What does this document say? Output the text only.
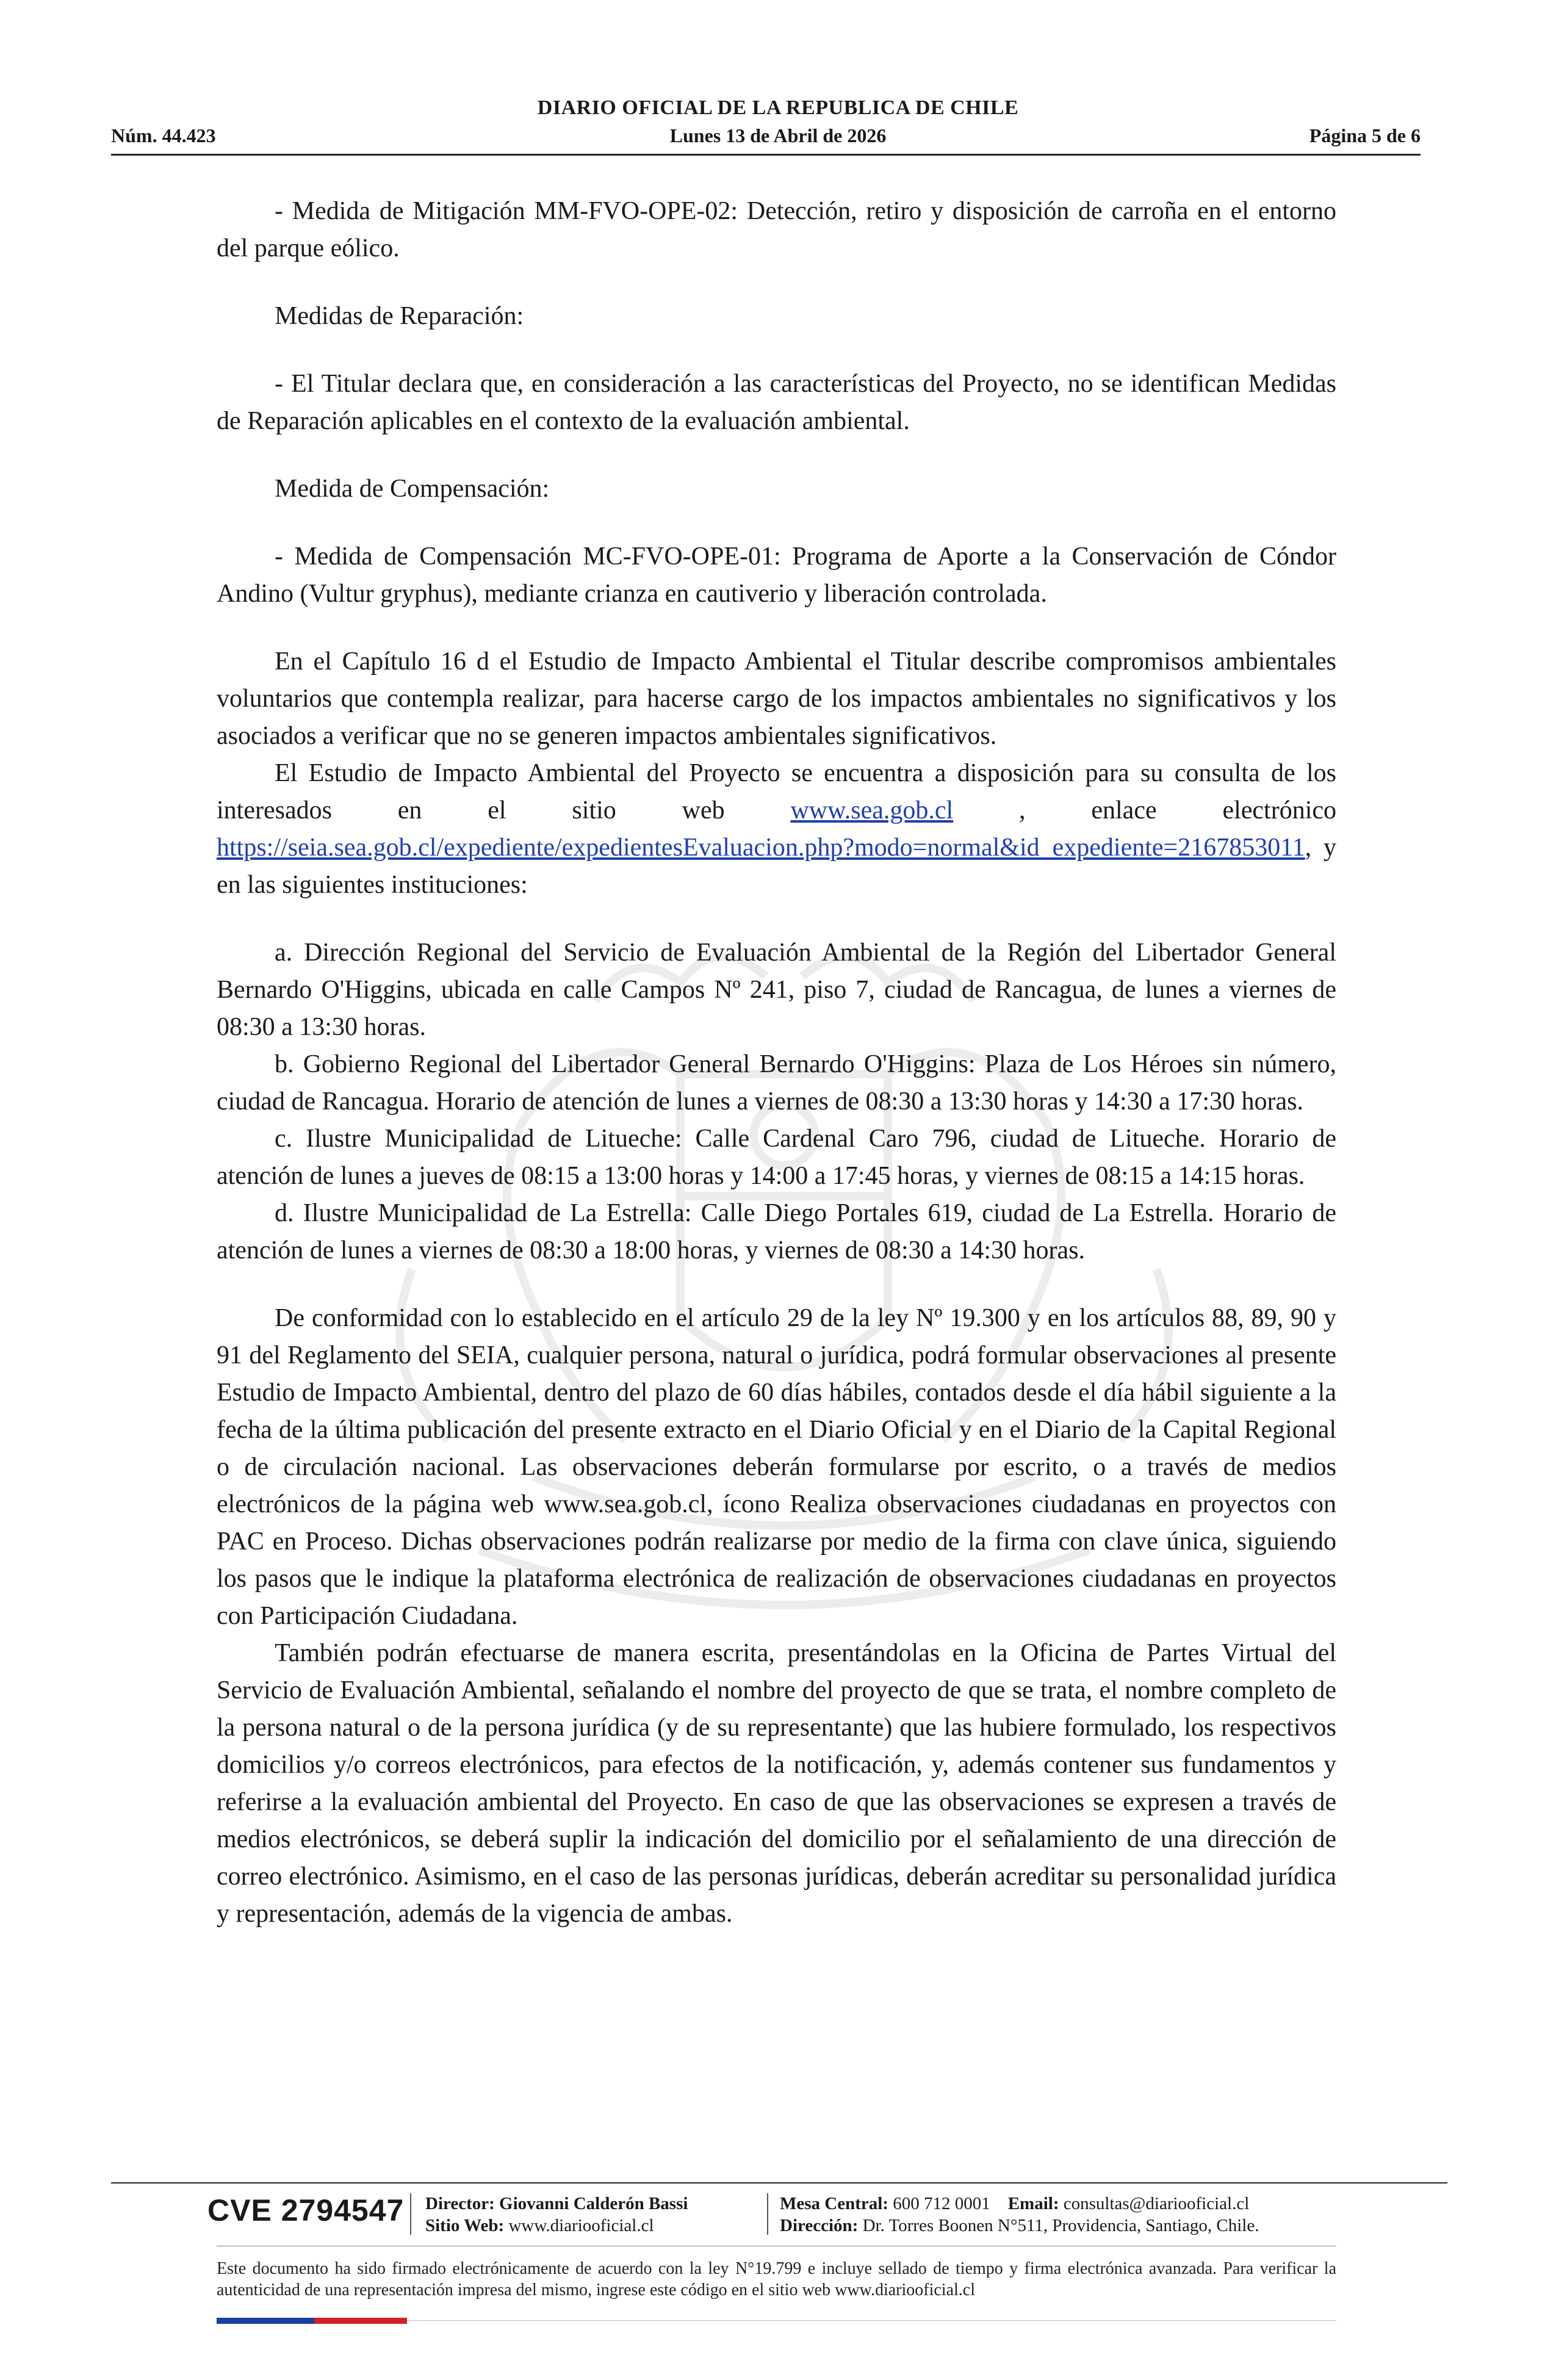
DIARIO OFICIAL DE LA REPUBLICA DE CHILE
Núm. 44.423	Lunes 13 de Abril de 2026	Página 5 de 6

- Medida de Mitigación MM-FVO-OPE-02: Detección, retiro y disposición de carroña en el entorno del parque eólico.

Medidas de Reparación:

- El Titular declara que, en consideración a las características del Proyecto, no se identifican Medidas de Reparación aplicables en el contexto de la evaluación ambiental.

Medida de Compensación:

- Medida de Compensación MC-FVO-OPE-01: Programa de Aporte a la Conservación de Cóndor Andino (Vultur gryphus), mediante crianza en cautiverio y liberación controlada.

En el Capítulo 16 d el Estudio de Impacto Ambiental el Titular describe compromisos ambientales voluntarios que contempla realizar, para hacerse cargo de los impactos ambientales no significativos y los asociados a verificar que no se generen impactos ambientales significativos.

El Estudio de Impacto Ambiental del Proyecto se encuentra a disposición para su consulta de los interesados en el sitio web www.sea.gob.cl , enlace electrónico https://seia.sea.gob.cl/expediente/expedientesEvaluacion.php?modo=normal&id_expediente=2167853011, y en las siguientes instituciones:

a. Dirección Regional del Servicio de Evaluación Ambiental de la Región del Libertador General Bernardo O'Higgins, ubicada en calle Campos Nº 241, piso 7, ciudad de Rancagua, de lunes a viernes de 08:30 a 13:30 horas.

b. Gobierno Regional del Libertador General Bernardo O'Higgins: Plaza de Los Héroes sin número, ciudad de Rancagua. Horario de atención de lunes a viernes de 08:30 a 13:30 horas y 14:30 a 17:30 horas.

c. Ilustre Municipalidad de Litueche: Calle Cardenal Caro 796, ciudad de Litueche. Horario de atención de lunes a jueves de 08:15 a 13:00 horas y 14:00 a 17:45 horas, y viernes de 08:15 a 14:15 horas.

d. Ilustre Municipalidad de La Estrella: Calle Diego Portales 619, ciudad de La Estrella. Horario de atención de lunes a viernes de 08:30 a 18:00 horas, y viernes de 08:30 a 14:30 horas.

De conformidad con lo establecido en el artículo 29 de la ley Nº 19.300 y en los artículos 88, 89, 90 y 91 del Reglamento del SEIA, cualquier persona, natural o jurídica, podrá formular observaciones al presente Estudio de Impacto Ambiental, dentro del plazo de 60 días hábiles, contados desde el día hábil siguiente a la fecha de la última publicación del presente extracto en el Diario Oficial y en el Diario de la Capital Regional o de circulación nacional. Las observaciones deberán formularse por escrito, o a través de medios electrónicos de la página web www.sea.gob.cl, ícono Realiza observaciones ciudadanas en proyectos con PAC en Proceso. Dichas observaciones podrán realizarse por medio de la firma con clave única, siguiendo los pasos que le indique la plataforma electrónica de realización de observaciones ciudadanas en proyectos con Participación Ciudadana.

También podrán efectuarse de manera escrita, presentándolas en la Oficina de Partes Virtual del Servicio de Evaluación Ambiental, señalando el nombre del proyecto de que se trata, el nombre completo de la persona natural o de la persona jurídica (y de su representante) que las hubiere formulado, los respectivos domicilios y/o correos electrónicos, para efectos de la notificación, y, además contener sus fundamentos y referirse a la evaluación ambiental del Proyecto. En caso de que las observaciones se expresen a través de medios electrónicos, se deberá suplir la indicación del domicilio por el señalamiento de una dirección de correo electrónico. Asimismo, en el caso de las personas jurídicas, deberán acreditar su personalidad jurídica y representación, además de la vigencia de ambas.

CVE 2794547 Director: Giovanni Calderón Bassi
Sitio Web: www.diariooficial.cl
Mesa Central: 600 712 0001 Email: consultas@diariooficial.cl
Dirección: Dr. Torres Boonen N°511, Providencia, Santiago, Chile.
Este documento ha sido firmado electrónicamente de acuerdo con la ley N°19.799 e incluye sellado de tiempo y firma electrónica avanzada. Para verificar la autenticidad de una representación impresa del mismo, ingrese este código en el sitio web www.diariooficial.cl
